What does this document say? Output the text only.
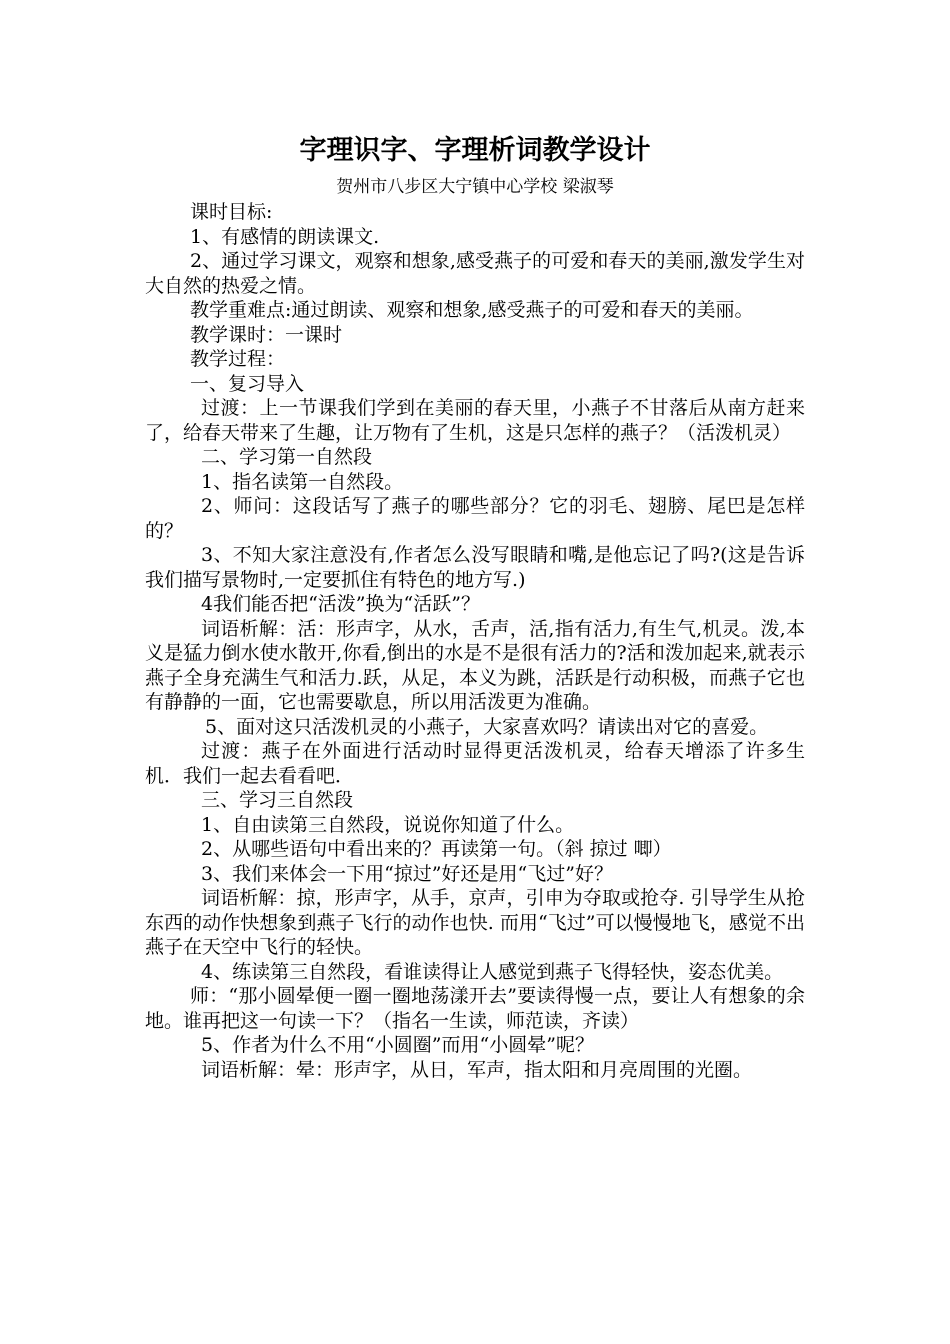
字理识字、字理析词教学设计
贺州市八步区大宁镇中心学校 梁淑琴

课时目标:

1、有感情的朗读课文.

2、通过学习课文，观察和想象,感受燕子的可爱和春天的美丽,激发学生对大自然的热爱之情。

教学重难点:通过朗读、观察和想象,感受燕子的可爱和春天的美丽。

教学课时：一课时

教学过程：

一、复习导入

过渡：上一节课我们学到在美丽的春天里，小燕子不甘落后从南方赶来了，给春天带来了生趣，让万物有了生机，这是只怎样的燕子？（活泼机灵）

二、学习第一自然段

1、指名读第一自然段。

2、师问：这段话写了燕子的哪些部分？它的羽毛、翅膀、尾巴是怎样的？

3、不知大家注意没有,作者怎么没写眼睛和嘴,是他忘记了吗?(这是告诉我们描写景物时,一定要抓住有特色的地方写.)

4我们能否把“活泼”换为“活跃”？

词语析解：活：形声字，从水，舌声，活,指有活力,有生气,机灵。泼,本义是猛力倒水使水散开,你看,倒出的水是不是很有活力的?活和泼加起来,就表示燕子全身充满生气和活力.跃，从足，本义为跳，活跃是行动积极，而燕子它也有静静的一面，它也需要歇息，所以用活泼更为准确。

5、面对这只活泼机灵的小燕子，大家喜欢吗？请读出对它的喜爱。

过渡：燕子在外面进行活动时显得更活泼机灵，给春天增添了许多生机．我们一起去看看吧．

三、学习三自然段

1、自由读第三自然段，说说你知道了什么。

2、从哪些语句中看出来的？再读第一句。（斜 掠过 唧）

3、我们来体会一下用“掠过”好还是用“飞过”好？

词语析解：掠，形声字，从手，京声，引申为夺取或抢夺. 引导学生从抢东西的动作快想象到燕子飞行的动作也快. 而用“飞过”可以慢慢地飞，感觉不出燕子在天空中飞行的轻快。

4、练读第三自然段，看谁读得让人感觉到燕子飞得轻快，姿态优美。

师：“那小圆晕便一圈一圈地荡漾开去”要读得慢一点，要让人有想象的余地。谁再把这一句读一下？（指名一生读，师范读，齐读）

5、作者为什么不用“小圆圈”而用“小圆晕”呢？

词语析解：晕：形声字，从日，军声，指太阳和月亮周围的光圈。
